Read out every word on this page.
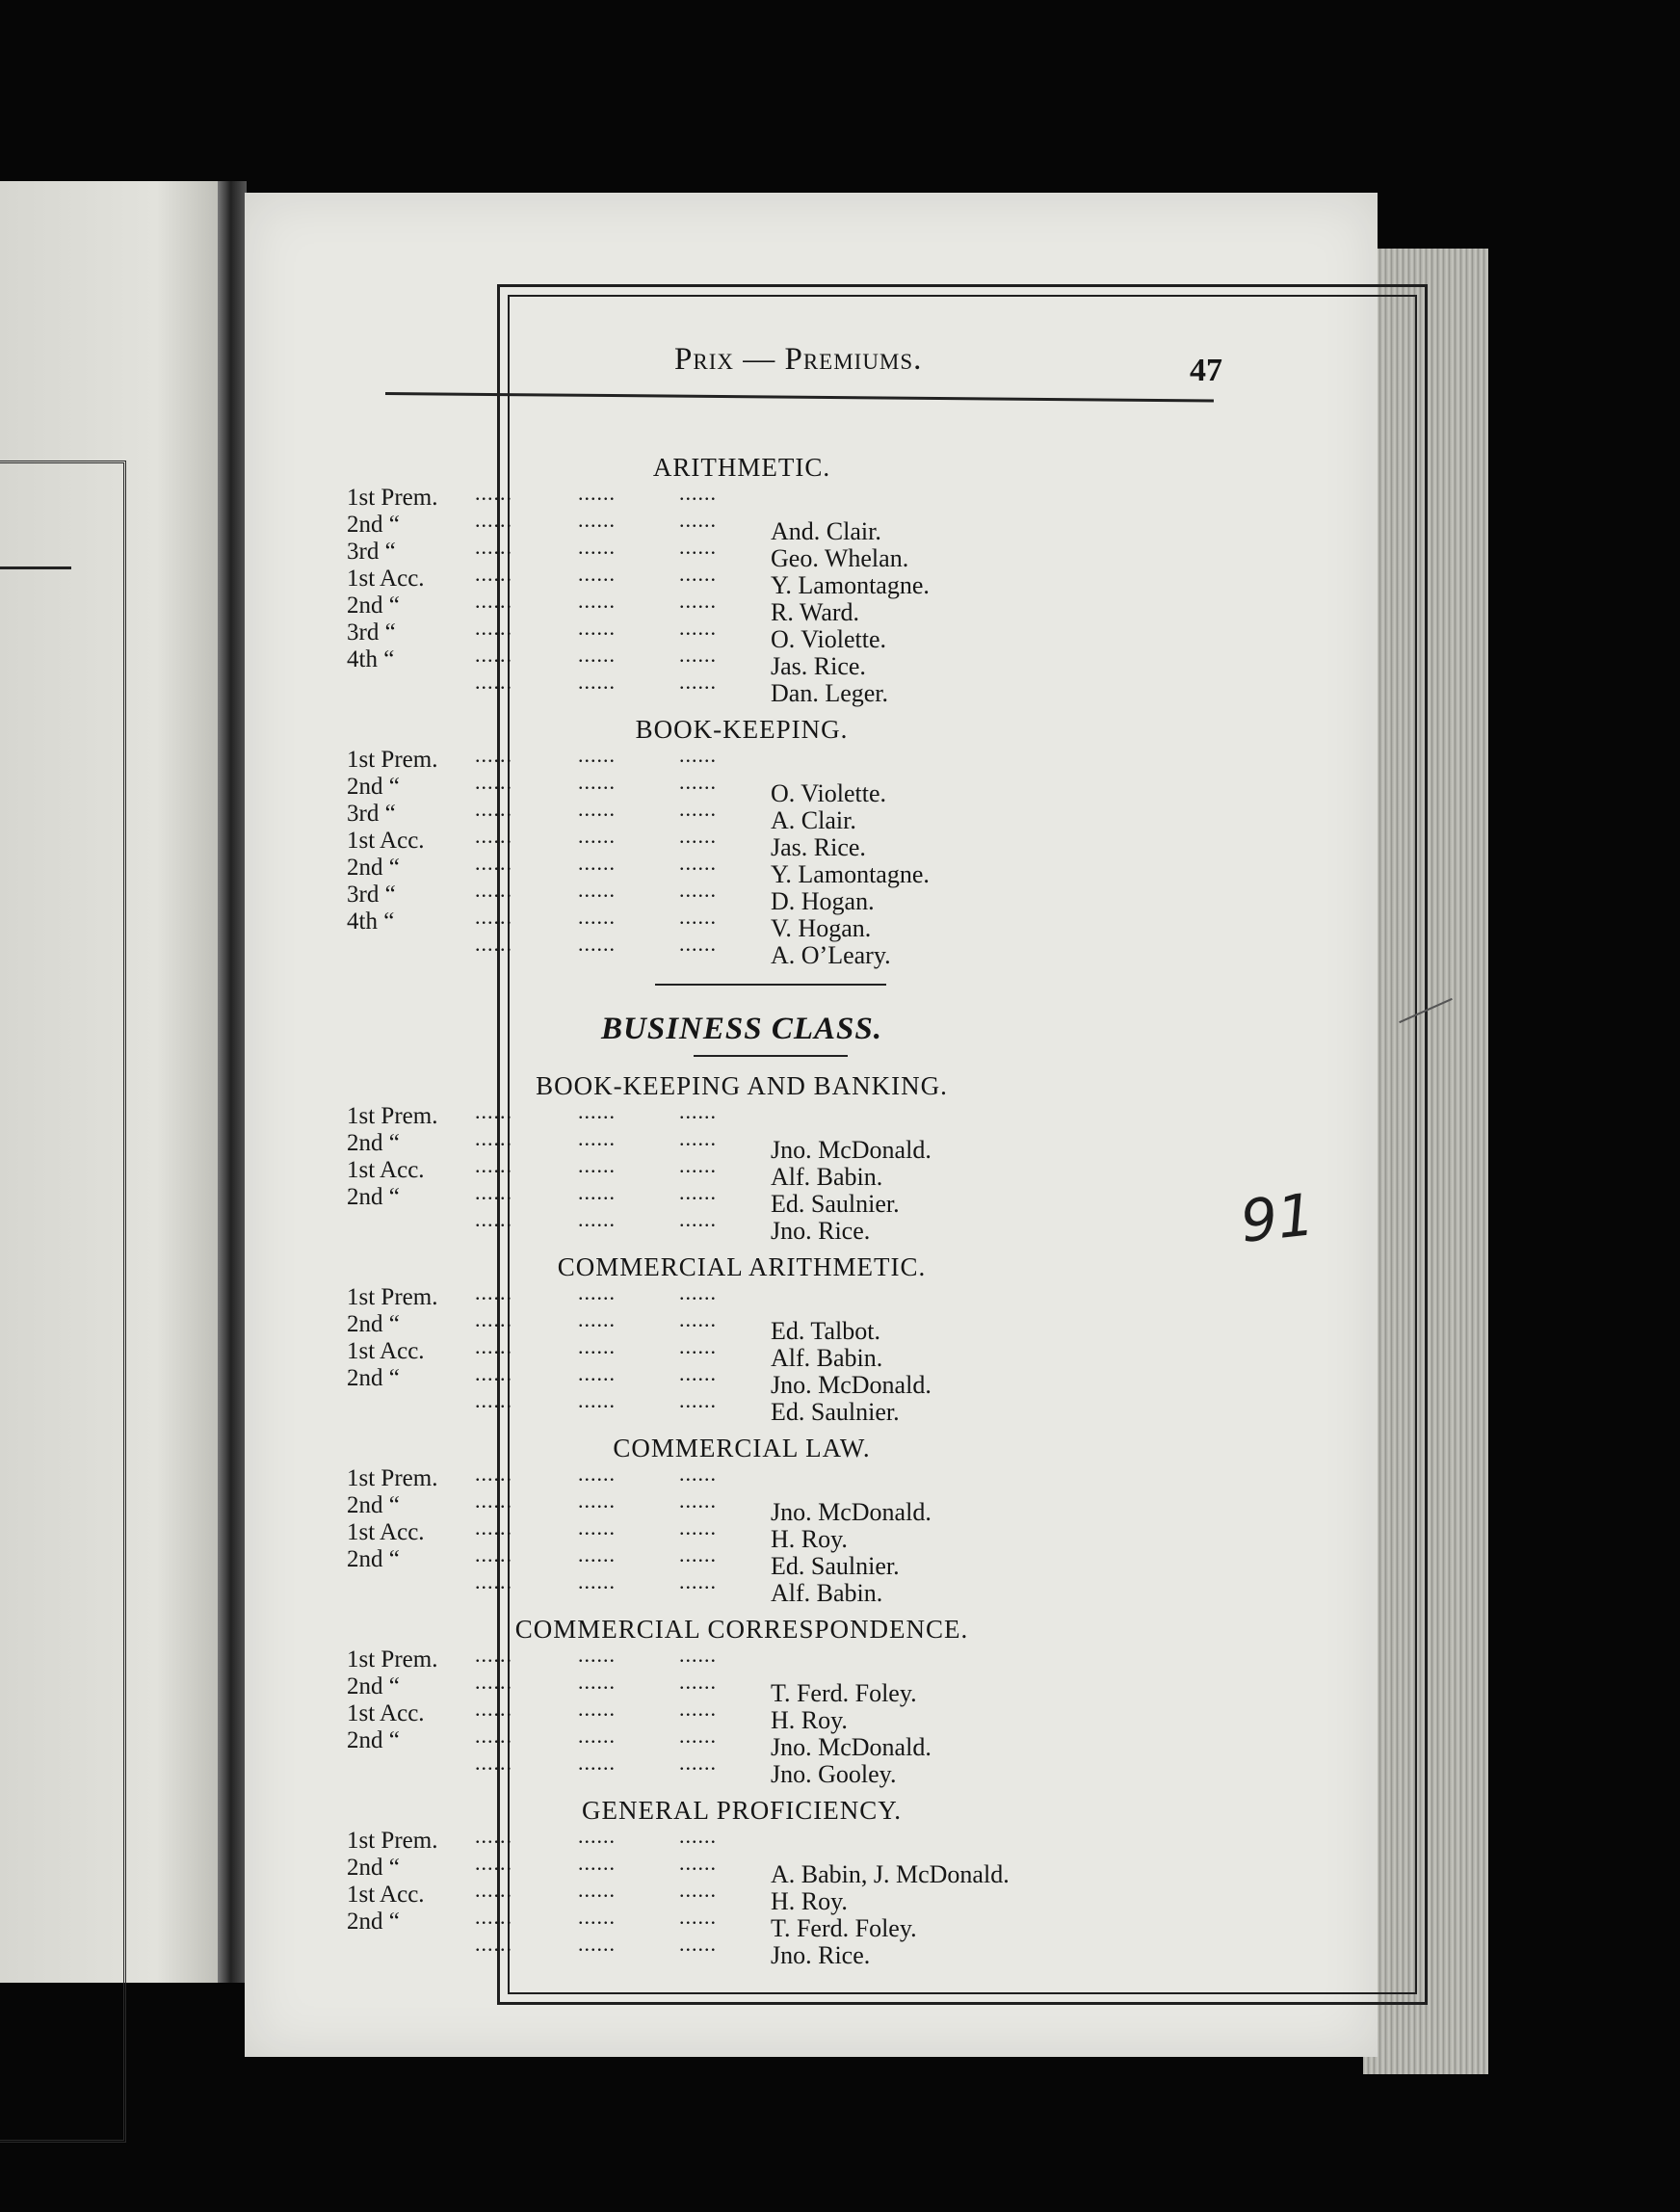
Prix — Premiums.	47
ARITHMETIC.
1st Prem. ......	......	......
2nd “	......	......	...... And. Clair.
3rd “	......	......	...... Geo. Whelan.
1st Acc. ......	......	...... Y. Lamontagne.
2nd “	......	......	...... R. Ward.
3rd “	......	......	...... O. Violette.
4th “	......	......	...... Jas. Rice.
......	......	...... Dan. Leger.
BOOK-KEEPING.
1st Prem. ......	......	......
2nd “	......	......	...... O. Violette.
3rd “	......	......	...... A. Clair.
1st Acc. ......	......	...... Jas. Rice.
2nd “	......	......	...... Y. Lamontagne.
3rd “	......	......	...... D. Hogan.
4th “	......	......	...... V. Hogan.
......	......	...... A. O’Leary.
BUSINESS CLASS.
BOOK-KEEPING AND BANKING.
1st Prem. ......	......	......
2nd “	......	......	...... Jno. McDonald.
1st Acc. ......	......	...... Alf. Babin.
2nd “	......	......	...... Ed. Saulnier.
......	......	...... Jno. Rice.
COMMERCIAL ARITHMETIC.
1st Prem. ......	......	......
2nd “	......	......	...... Ed. Talbot.
1st Acc. ......	......	...... Alf. Babin.
2nd “	......	......	...... Jno. McDonald.
......	......	...... Ed. Saulnier.
COMMERCIAL LAW.
1st Prem. ......	......	......
2nd “	......	......	...... Jno. McDonald.
1st Acc. ......	......	...... H. Roy.
2nd “	......	......	...... Ed. Saulnier.
......	......	...... Alf. Babin.
COMMERCIAL CORRESPONDENCE.
1st Prem. ......	......	......
2nd “	......	......	...... T. Ferd. Foley.
1st Acc. ......	......	...... H. Roy.
2nd “	......	......	...... Jno. McDonald.
......	......	...... Jno. Gooley.
GENERAL PROFICIENCY.
1st Prem. ......	......	......
2nd “	......	......	...... A. Babin, J. McDonald.
1st Acc. ......	......	...... H. Roy.
2nd “	......	......	...... T. Ferd. Foley.
......	......	...... Jno. Rice.
91
